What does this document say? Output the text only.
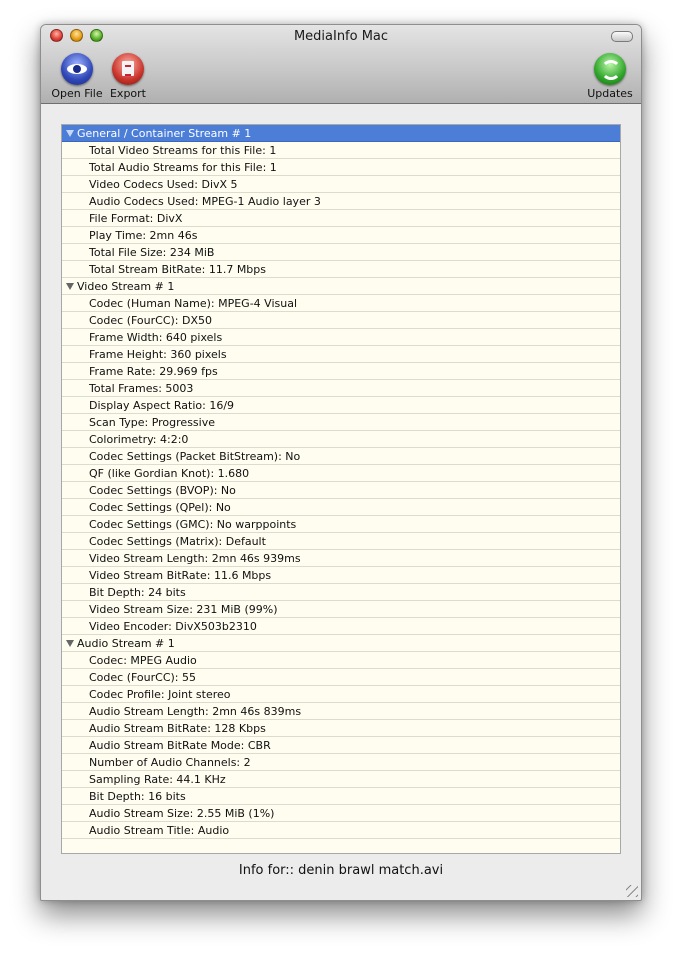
MediaInfo Mac
Open File Export	Updates
General / Container Stream # 1
Total Video Streams for this File: 1
Total Audio Streams for this File: 1
Video Codecs Used: DivX 5
Audio Codecs Used: MPEG-1 Audio layer 3
File Format: DivX
Play Time: 2mn 46s
Total File Size: 234 MiB
Total Stream BitRate: 11.7 Mbps
Video Stream # 1
Codec (Human Name): MPEG-4 Visual
Codec (FourCC): DX50
Frame Width: 640 pixels
Frame Height: 360 pixels
Frame Rate: 29.969 fps
Total Frames: 5003
Display Aspect Ratio: 16/9
Scan Type: Progressive
Colorimetry: 4:2:0
Codec Settings (Packet BitStream): No
QF (like Gordian Knot): 1.680
Codec Settings (BVOP): No
Codec Settings (QPel): No
Codec Settings (GMC): No warppoints
Codec Settings (Matrix): Default
Video Stream Length: 2mn 46s 939ms
Video Stream BitRate: 11.6 Mbps
Bit Depth: 24 bits
Video Stream Size: 231 MiB (99%)
Video Encoder: DivX503b2310
Audio Stream # 1
Codec: MPEG Audio
Codec (FourCC): 55
Codec Profile: Joint stereo
Audio Stream Length: 2mn 46s 839ms
Audio Stream BitRate: 128 Kbps
Audio Stream BitRate Mode: CBR
Number of Audio Channels: 2
Sampling Rate: 44.1 KHz
Bit Depth: 16 bits
Audio Stream Size: 2.55 MiB (1%)
Audio Stream Title: Audio
Info for:: denin brawl match.avi
